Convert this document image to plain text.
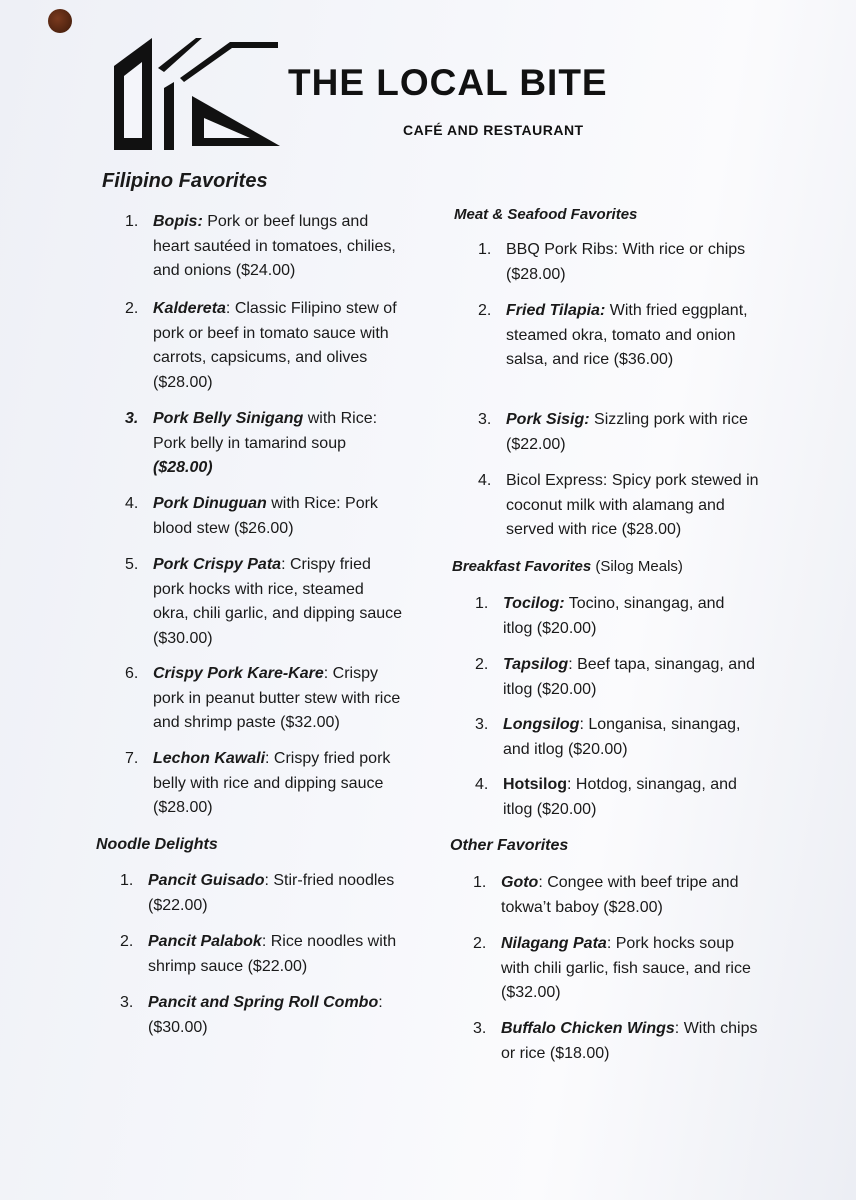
THE LOCAL BITE
CAFÉ AND RESTAURANT
Filipino Favorites
1. Bopis: Pork or beef lungs and heart sautéed in tomatoes, chilies, and onions ($24.00)
2. Kaldereta: Classic Filipino stew of pork or beef in tomato sauce with carrots, capsicums, and olives ($28.00)
3. Pork Belly Sinigang with Rice: Pork belly in tamarind soup ($28.00)
4. Pork Dinuguan with Rice: Pork blood stew ($26.00)
5. Pork Crispy Pata: Crispy fried pork hocks with rice, steamed okra, chili garlic, and dipping sauce ($30.00)
6. Crispy Pork Kare-Kare: Crispy pork in peanut butter stew with rice and shrimp paste ($32.00)
7. Lechon Kawali: Crispy fried pork belly with rice and dipping sauce ($28.00)
Noodle Delights
1. Pancit Guisado: Stir-fried noodles ($22.00)
2. Pancit Palabok: Rice noodles with shrimp sauce ($22.00)
3. Pancit and Spring Roll Combo: ($30.00)
Meat & Seafood Favorites
1. BBQ Pork Ribs: With rice or chips ($28.00)
2. Fried Tilapia: With fried eggplant, steamed okra, tomato and onion salsa, and rice ($36.00)
3. Pork Sisig: Sizzling pork with rice ($22.00)
4. Bicol Express: Spicy pork stewed in coconut milk with alamang and served with rice ($28.00)
Breakfast Favorites (Silog Meals)
1. Tocilog: Tocino, sinangag, and itlog ($20.00)
2. Tapsilog: Beef tapa, sinangag, and itlog ($20.00)
3. Longsilog: Longanisa, sinangag, and itlog ($20.00)
4. Hotsilog: Hotdog, sinangag, and itlog ($20.00)
Other Favorites
1. Goto: Congee with beef tripe and tokwa’t baboy ($28.00)
2. Nilagang Pata: Pork hocks soup with chili garlic, fish sauce, and rice ($32.00)
3. Buffalo Chicken Wings: With chips or rice ($18.00)
